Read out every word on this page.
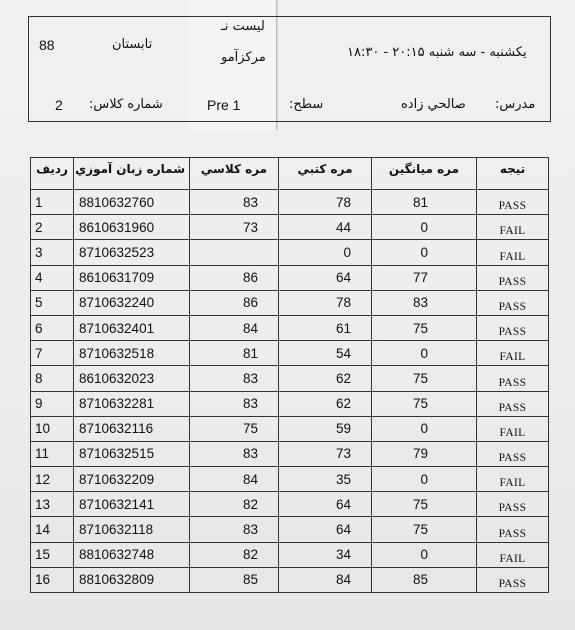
88	تابستان
ليست نـ
مركزآمو	يكشنبه - سه شنبه ۲۰:۱۵ - ۱۸:۳۰
2 شماره كلاس:	Pre 1	سطح:	صالحي زاده مدرس:
رديف	شماره زبان آموزي	مره كلاسي	مره كتبي	مره ميانگين	تيجه
1	8810632760	83	78	81	PASS
2	8610631960	73	44	0	FAIL
3	8710632523		0	0	FAIL
4	8610631709	86	64	77	PASS
5	8710632240	86	78	83	PASS
6	8710632401	84	61	75	PASS
7	8710632518	81	54	0	FAIL
8	8610632023	83	62	75	PASS
9	8710632281	83	62	75	PASS
10	8710632116	75	59	0	FAIL
11	8710632515	83	73	79	PASS
12	8710632209	84	35	0	FAIL
13	8710632141	82	64	75	PASS
14	8710632118	83	64	75	PASS
15	8810632748	82	34	0	FAIL
16	8810632809	85	84	85	PASS
